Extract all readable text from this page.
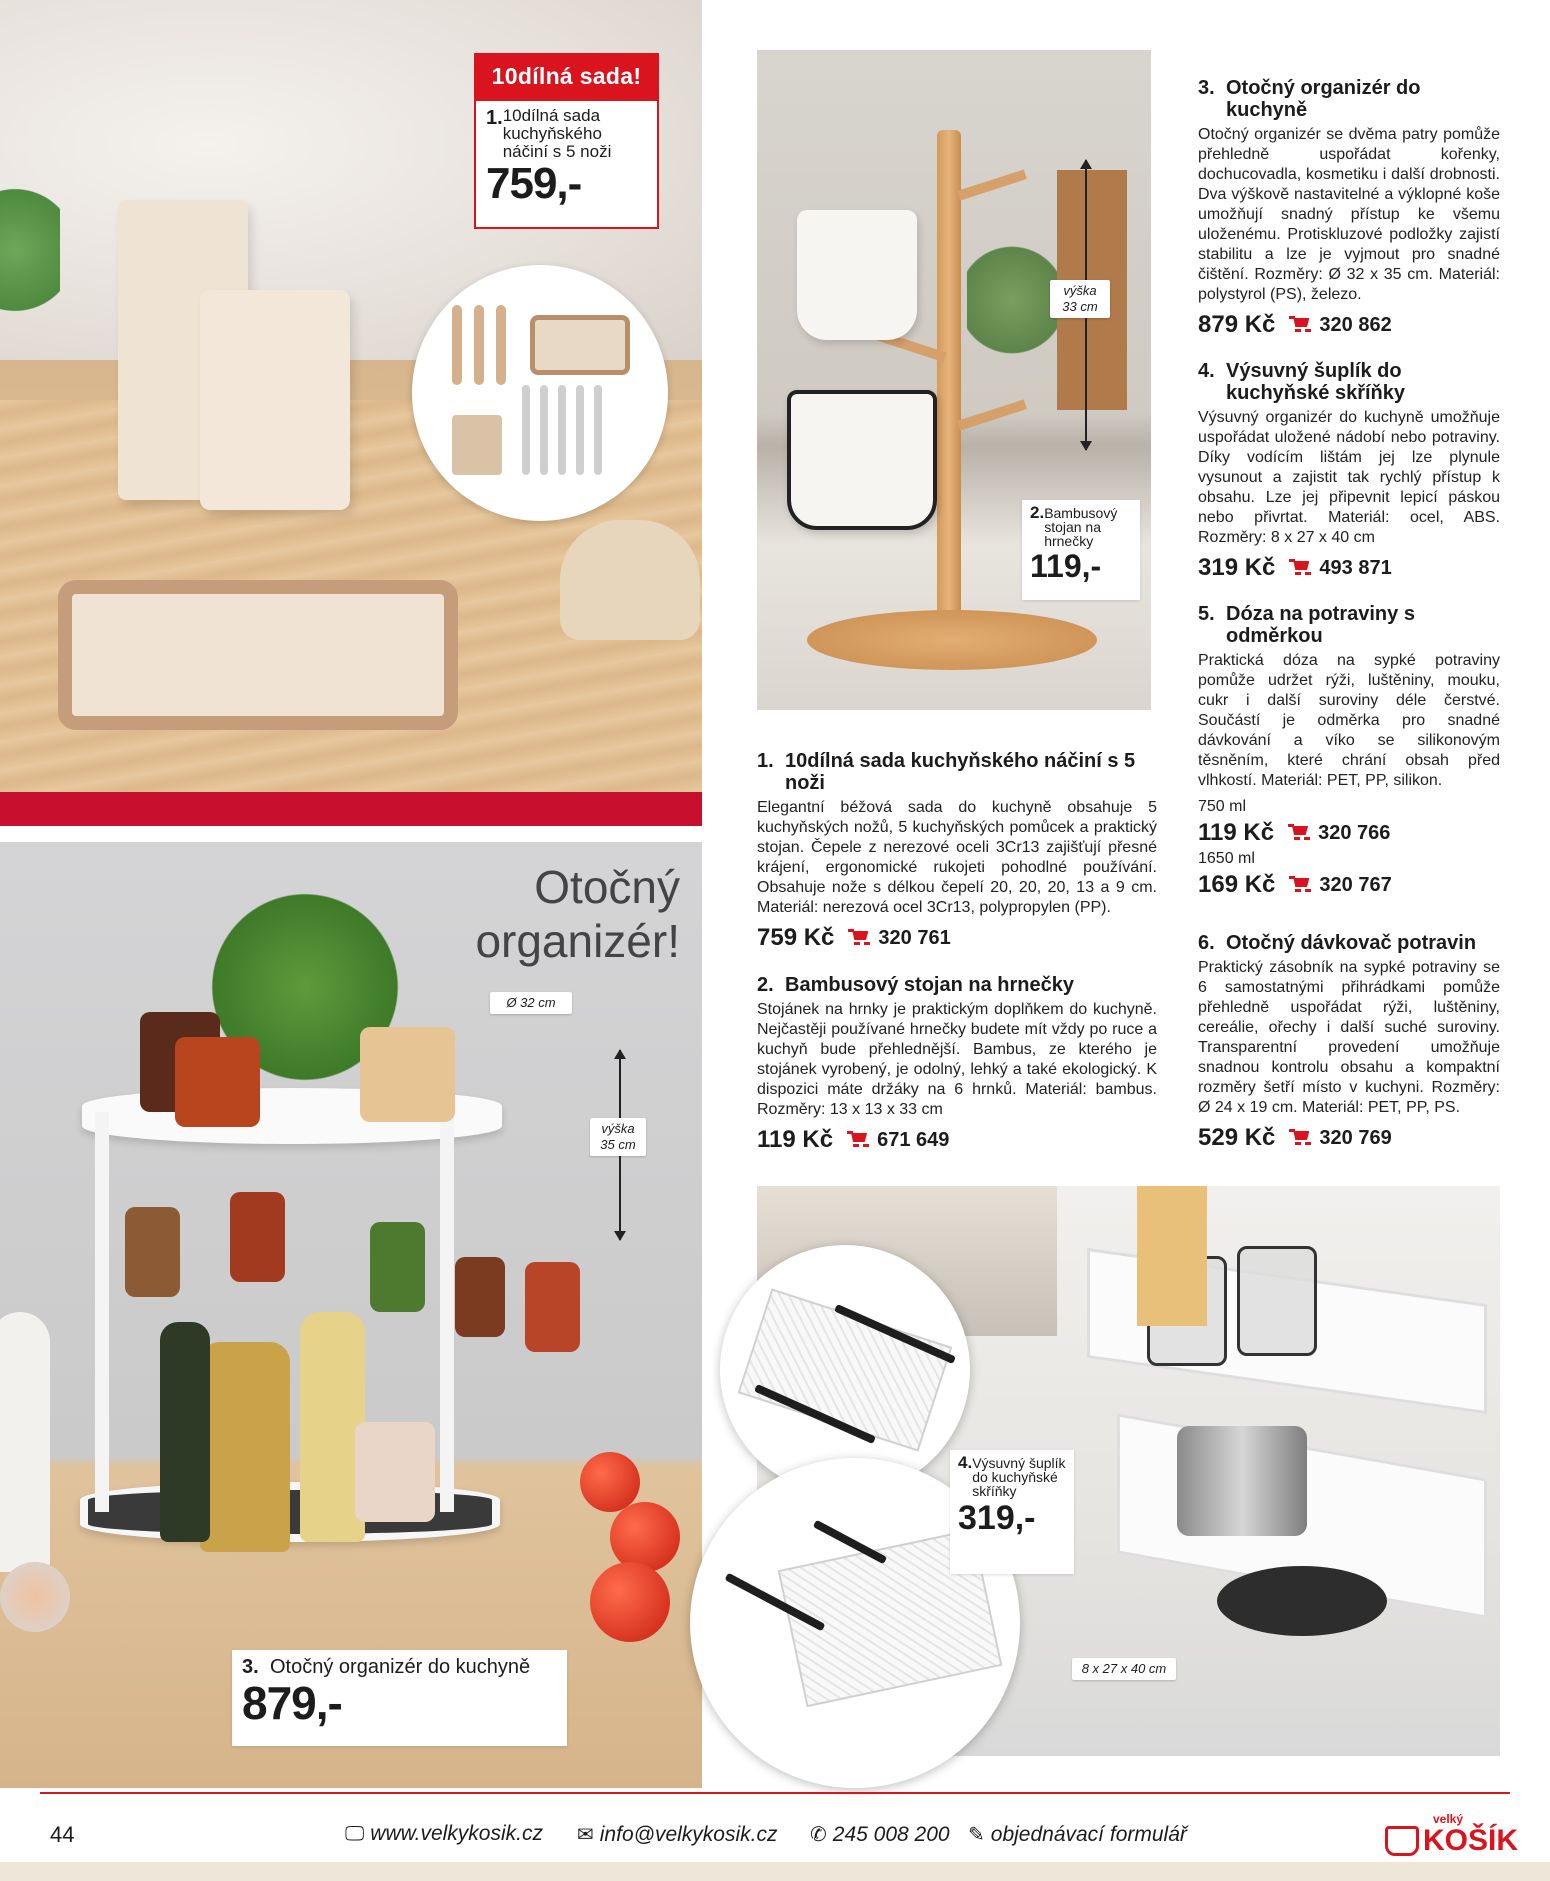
10dílná sada!
1. 10dílná sada kuchyňského náčiní s 5 noži
759,-
Otočný organizér!
Ø 32 cm
výška 35 cm
3. Otočný organizér do kuchyně
879,-
výška 33 cm
2. Bambusový stojan na hrnečky
119,-
4. Výsuvný šuplík do kuchyňské skříňky
319,-
8 x 27 x 40 cm
1. 10dílná sada kuchyňského náčiní s 5 noži

Elegantní béžová sada do kuchyně obsahuje 5 kuchyňských nožů, 5 kuchyňských pomůcek a praktický stojan. Čepele z nerezové oceli 3Cr13 zajišťují přesné krájení, ergonomické rukojeti pohodlné používání. Obsahuje nože s délkou čepelí 20, 20, 20, 13 a 9 cm. Materiál: nerezová ocel 3Cr13, polypropylen (PP).

759 Kč 320 761
2. Bambusový stojan na hrnečky

Stojánek na hrnky je praktickým doplňkem do kuchyně. Nejčastěji používané hrnečky budete mít vždy po ruce a kuchyň bude přehlednější. Bambus, ze kterého je stojánek vyrobený, je odolný, lehký a také ekologický. K dispozici máte držáky na 6 hrnků. Materiál: bambus. Rozměry: 13 x 13 x 33 cm

119 Kč 671 649
3. Otočný organizér do kuchyně

Otočný organizér se dvěma patry pomůže přehledně uspořádat kořenky, dochucovadla, kosmetiku i další drobnosti. Dva výškově nastavitelné a výklopné koše umožňují snadný přístup ke všemu uloženému. Protiskluzové podložky zajistí stabilitu a lze je vyjmout pro snadné čištění. Rozměry: Ø 32 x 35 cm. Materiál: polystyrol (PS), železo.

879 Kč 320 862
4. Výsuvný šuplík do kuchyňské skříňky

Výsuvný organizér do kuchyně umožňuje uspořádat uložené nádobí nebo potraviny. Díky vodícím lištám jej lze plynule vysunout a zajistit tak rychlý přístup k obsahu. Lze jej připevnit lepicí páskou nebo přivrtat. Materiál: ocel, ABS. Rozměry: 8 x 27 x 40 cm

319 Kč 493 871
5. Dóza na potraviny s odměrkou

Praktická dóza na sypké potraviny pomůže udržet rýži, luštěniny, mouku, cukr i další suroviny déle čerstvé. Součástí je odměrka pro snadné dávkování a víko se silikonovým těsněním, které chrání obsah před vlhkostí. Materiál: PET, PP, silikon.

750 ml
119 Kč 320 766
1650 ml
169 Kč 320 767
6. Otočný dávkovač potravin

Praktický zásobník na sypké potraviny se 6 samostatnými přihrádkami pomůže přehledně uspořádat rýži, luštěniny, cereálie, ořechy i další suché suroviny. Transparentní provedení umožňuje snadnou kontrolu obsahu a kompaktní rozměry šetří místo v kuchyni. Rozměry: Ø 24 x 19 cm. Materiál: PET, PP, PS.

529 Kč 320 769
44	🖵 www.velkykosik.cz ✉ info@velkykosik.cz ✆ 245 008 200 ✎ objednávací formulář
velký
KOŠÍK
